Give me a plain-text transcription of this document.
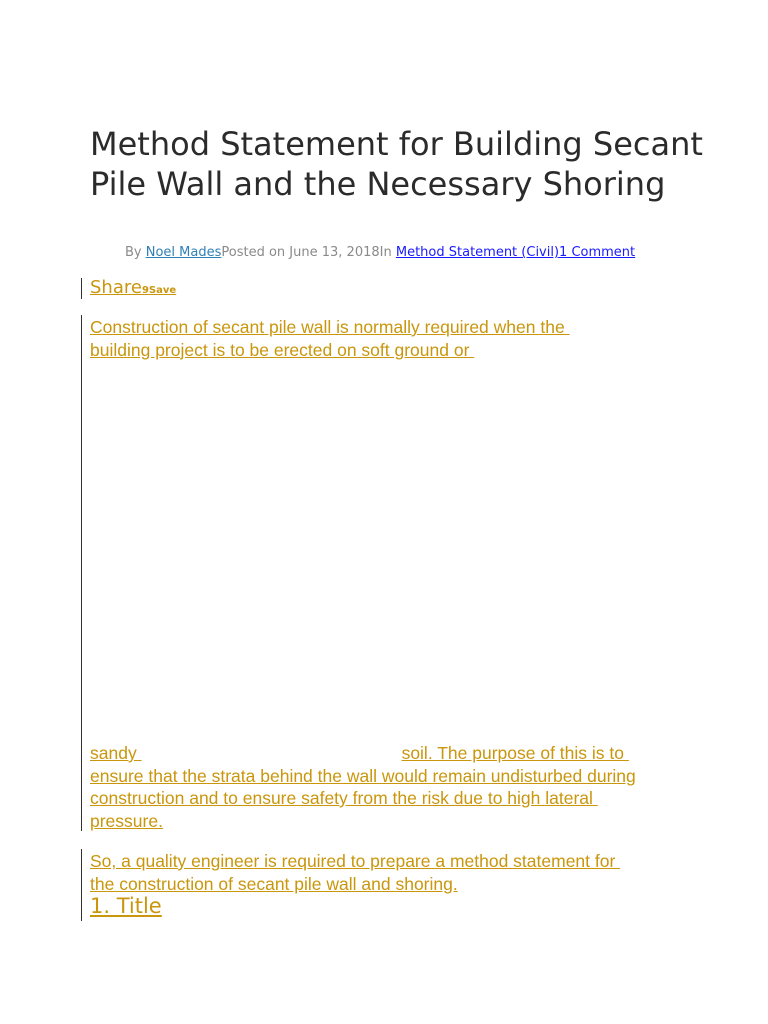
Method Statement for Building Secant Pile Wall and the Necessary Shoring
By Noel MadesPosted on June 13, 2018In Method Statement (Civil)1 Comment
Share9Save
Construction of secant pile wall is normally required when the
building project is to be erected on soft ground or
sandy	soil. The purpose of this is to
ensure that the strata behind the wall would remain undisturbed during
construction and to ensure safety from the risk due to high lateral
pressure.
So, a quality engineer is required to prepare a method statement for
the construction of secant pile wall and shoring.
1. Title
